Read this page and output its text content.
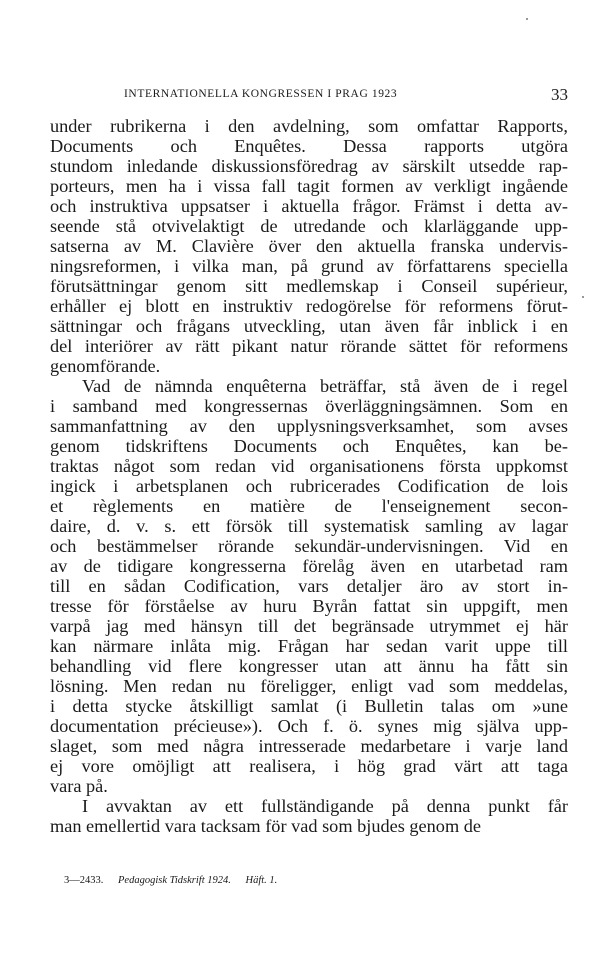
INTERNATIONELLA KONGRESSEN I PRAG 1923	33
under rubrikerna i den avdelning, som omfattar Rapports,
Documents och Enquêtes. Dessa rapports utgöra
stundom inledande diskussionsföredrag av särskilt utsedde rap-
porteurs, men ha i vissa fall tagit formen av verkligt ingående
och instruktiva uppsatser i aktuella frågor. Främst i detta av-
seende stå otvivelaktigt de utredande och klarläggande upp-
satserna av M. Clavière över den aktuella franska undervis-
ningsreformen, i vilka man, på grund av författarens speciella
förutsättningar genom sitt medlemskap i Conseil supérieur,
erhåller ej blott en instruktiv redogörelse för reformens förut-
sättningar och frågans utveckling, utan även får inblick i en
del interiörer av rätt pikant natur rörande sättet för reformens
genomförande.
Vad de nämnda enquêterna beträffar, stå även de i regel
i samband med kongressernas överläggningsämnen. Som en
sammanfattning av den upplysningsverksamhet, som avses
genom tidskriftens Documents och Enquêtes, kan be-
traktas något som redan vid organisationens första uppkomst
ingick i arbetsplanen och rubricerades Codification de lois
et règlements en matière de l'enseignement secon-
daire, d. v. s. ett försök till systematisk samling av lagar
och bestämmelser rörande sekundär-undervisningen. Vid en
av de tidigare kongresserna förelåg även en utarbetad ram
till en sådan Codification, vars detaljer äro av stort in-
tresse för förståelse av huru Byrån fattat sin uppgift, men
varpå jag med hänsyn till det begränsade utrymmet ej här
kan närmare inlåta mig. Frågan har sedan varit uppe till
behandling vid flere kongresser utan att ännu ha fått sin
lösning. Men redan nu föreligger, enligt vad som meddelas,
i detta stycke åtskilligt samlat (i Bulletin talas om »une
documentation précieuse»). Och f. ö. synes mig själva upp-
slaget, som med några intresserade medarbetare i varje land
ej vore omöjligt att realisera, i hög grad värt att taga
vara på.
I avvaktan av ett fullständigande på denna punkt får
man emellertid vara tacksam för vad som bjudes genom de
3—2433. Pedagogisk Tidskrift 1924. Häft. 1.
